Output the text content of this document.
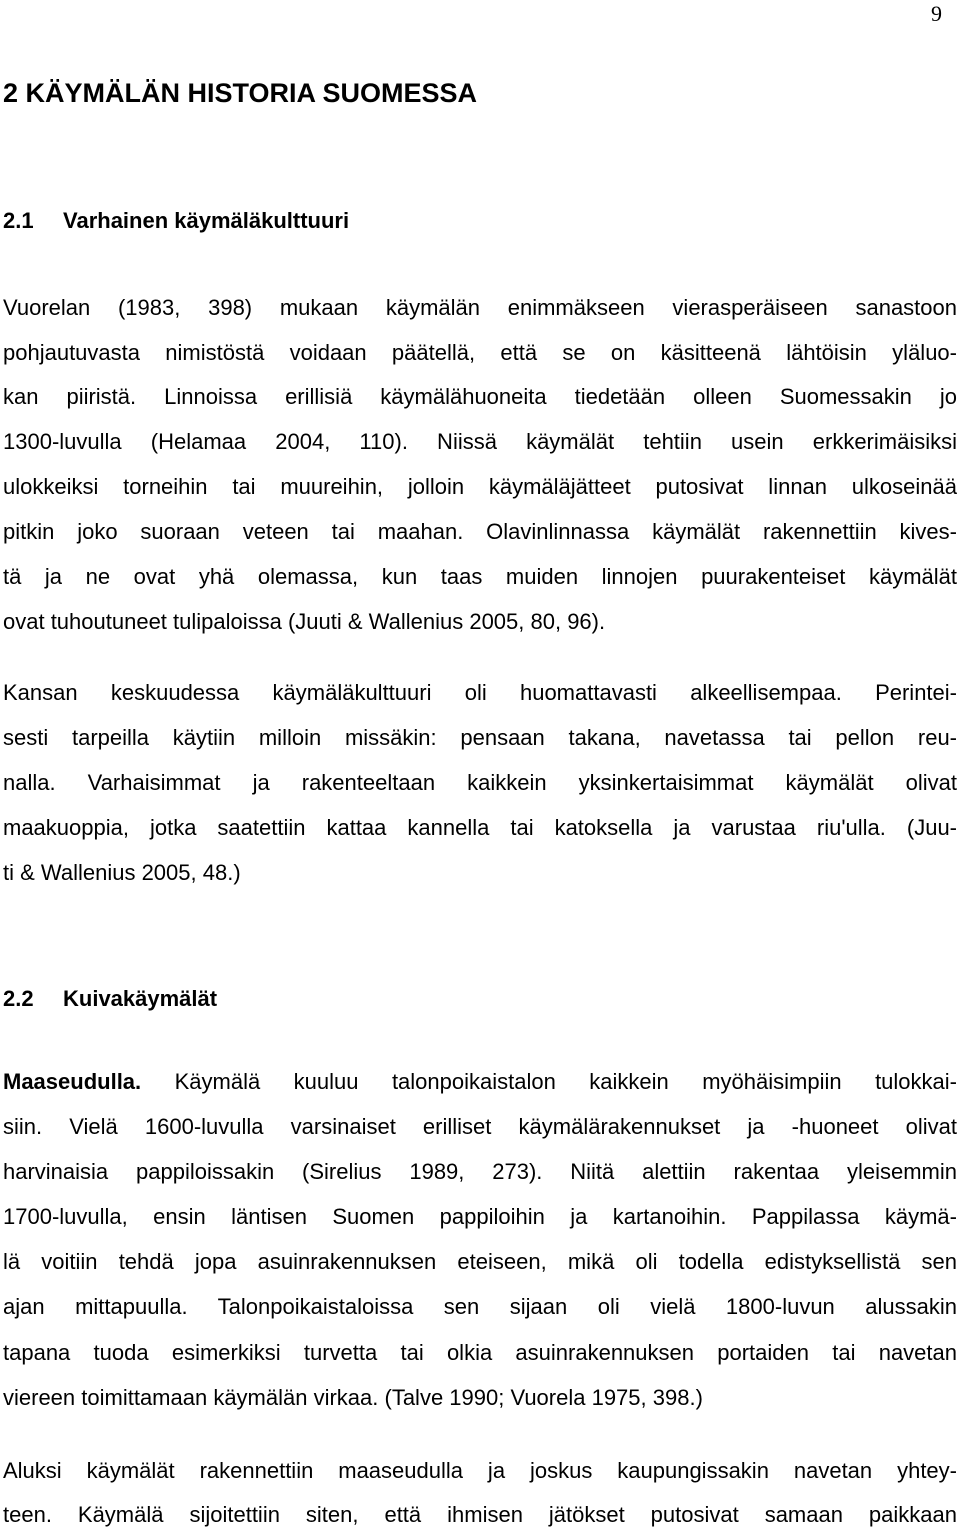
9
2 KÄYMÄLÄN HISTORIA SUOMESSA
2.1 Varhainen käymäläkulttuuri
Vuorelan (1983, 398) mukaan käymälän enimmäkseen vierasperäiseen sanastoon
pohjautuvasta nimistöstä voidaan päätellä, että se on käsitteenä lähtöisin yläluo-
kan piiristä. Linnoissa erillisiä käymälähuoneita tiedetään olleen Suomessakin jo
1300-luvulla (Helamaa 2004, 110). Niissä käymälät tehtiin usein erkkerimäisiksi
ulokkeiksi torneihin tai muureihin, jolloin käymäläjätteet putosivat linnan ulkoseinää
pitkin joko suoraan veteen tai maahan. Olavinlinnassa käymälät rakennettiin kives-
tä ja ne ovat yhä olemassa, kun taas muiden linnojen puurakenteiset käymälät
ovat tuhoutuneet tulipaloissa (Juuti & Wallenius 2005, 80, 96).
Kansan keskuudessa käymäläkulttuuri oli huomattavasti alkeellisempaa. Perintei-
sesti tarpeilla käytiin milloin missäkin: pensaan takana, navetassa tai pellon reu-
nalla. Varhaisimmat ja rakenteeltaan kaikkein yksinkertaisimmat käymälät olivat
maakuoppia, jotka saatettiin kattaa kannella tai katoksella ja varustaa riu'ulla. (Juu-
ti & Wallenius 2005, 48.)
2.2 Kuivakäymälät
Maaseudulla. Käymälä kuuluu talonpoikaistalon kaikkein myöhäisimpiin tulokkai-
siin. Vielä 1600-luvulla varsinaiset erilliset käymälärakennukset ja -huoneet olivat
harvinaisia pappiloissakin (Sirelius 1989, 273). Niitä alettiin rakentaa yleisemmin
1700-luvulla, ensin läntisen Suomen pappiloihin ja kartanoihin. Pappilassa käymä-
lä voitiin tehdä jopa asuinrakennuksen eteiseen, mikä oli todella edistyksellistä sen
ajan mittapuulla. Talonpoikaistaloissa sen sijaan oli vielä 1800-luvun alussakin
tapana tuoda esimerkiksi turvetta tai olkia asuinrakennuksen portaiden tai navetan
viereen toimittamaan käymälän virkaa. (Talve 1990; Vuorela 1975, 398.)
Aluksi käymälät rakennettiin maaseudulla ja joskus kaupungissakin navetan yhtey-
teen. Käymälä sijoitettiin siten, että ihmisen jätökset putosivat samaan paikkaan
